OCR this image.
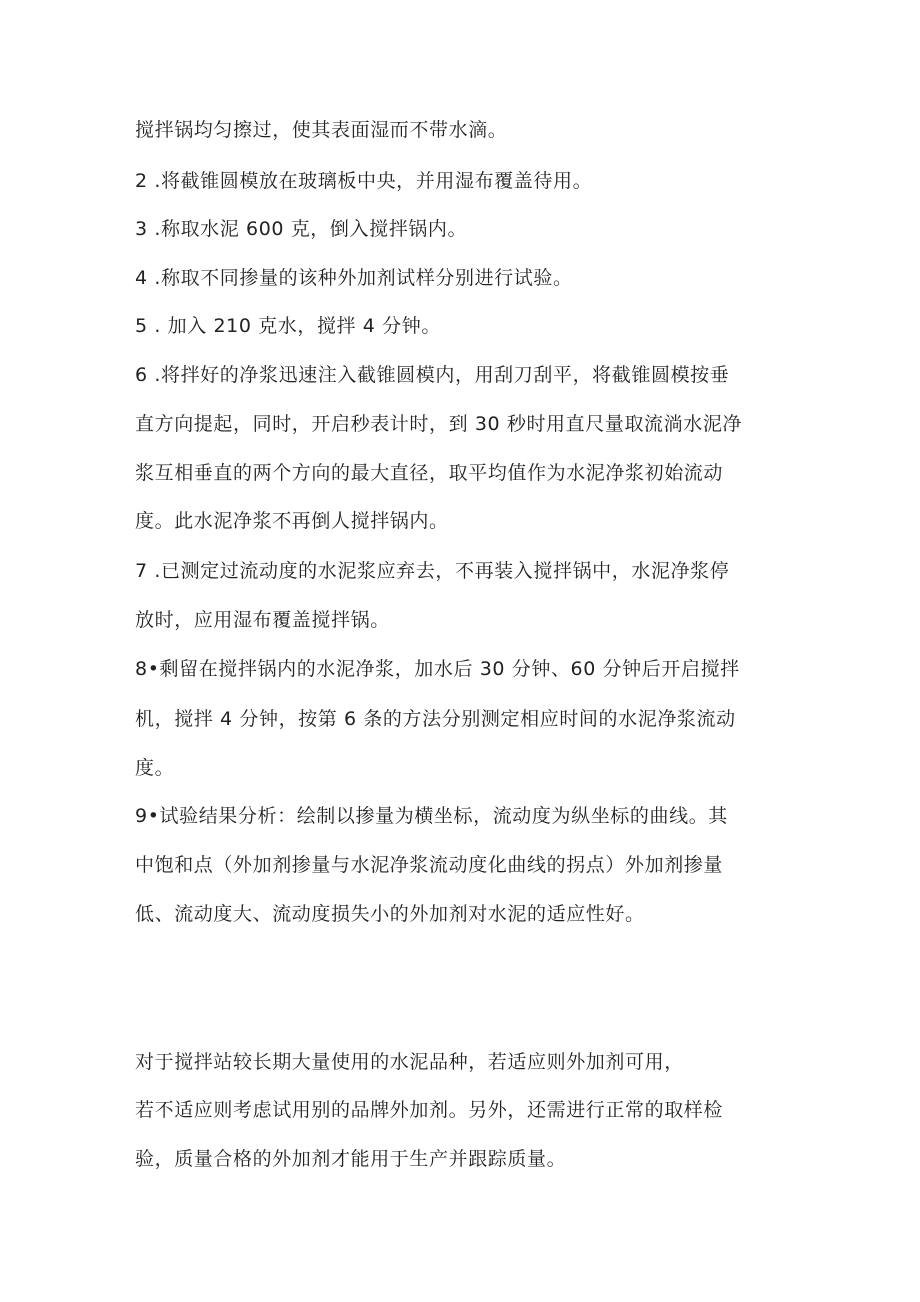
搅拌锅均匀擦过，使其表面湿而不带水滴。
2 .将截锥圆模放在玻璃板中央，并用湿布覆盖待用。
3 .称取水泥 600 克，倒入搅拌锅内。
4 .称取不同掺量的该种外加剂试样分别进行试验。
5 . 加入 210 克水，搅拌 4 分钟。
6 .将拌好的净浆迅速注入截锥圆模内，用刮刀刮平，将截锥圆模按垂
直方向提起，同时，开启秒表计时，到 30 秒时用直尺量取流淌水泥净
浆互相垂直的两个方向的最大直径，取平均值作为水泥净浆初始流动
度。此水泥净浆不再倒人搅拌锅内。
7 .已测定过流动度的水泥浆应弃去，不再装入搅拌锅中，水泥净浆停
放时，应用湿布覆盖搅拌锅。
8•剩留在搅拌锅内的水泥净浆，加水后 30 分钟、60 分钟后开启搅拌
机，搅拌 4 分钟，按第 6 条的方法分别测定相应时间的水泥净浆流动
度。
9•试验结果分析：绘制以掺量为横坐标，流动度为纵坐标的曲线。其
中饱和点（外加剂掺量与水泥净浆流动度化曲线的拐点）外加剂掺量
低、流动度大、流动度损失小的外加剂对水泥的适应性好。
对于搅拌站较长期大量使用的水泥品种，若适应则外加剂可用，
若不适应则考虑试用别的品牌外加剂。另外，还需进行正常的取样检
验，质量合格的外加剂才能用于生产并跟踪质量。
